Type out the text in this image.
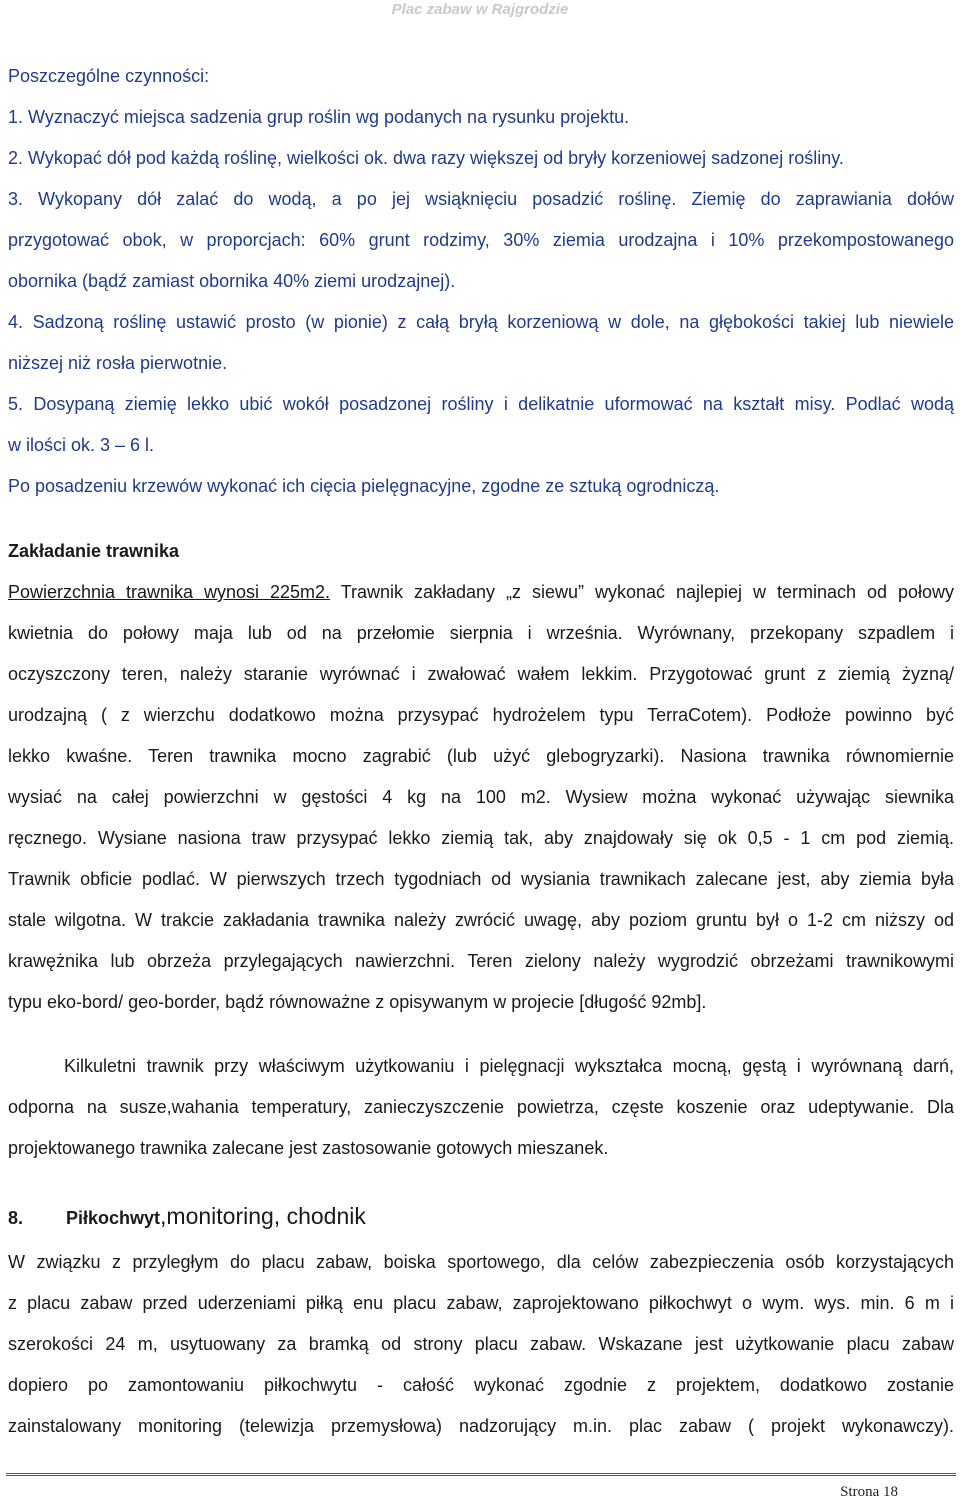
Plac zabaw w Rajgrodzie
Poszczególne czynności:
1. Wyznaczyć miejsca sadzenia grup roślin wg podanych na rysunku projektu.
2. Wykopać dół pod każdą roślinę, wielkości ok. dwa razy większej od bryły korzeniowej sadzonej rośliny.
3. Wykopany dół zalać do wodą, a po jej wsiąknięciu posadzić roślinę. Ziemię do zaprawiania dołów
przygotować obok, w proporcjach: 60% grunt rodzimy, 30% ziemia urodzajna i 10% przekompostowanego
obornika (bądź zamiast obornika 40% ziemi urodzajnej).
4. Sadzoną roślinę ustawić prosto (w pionie) z całą bryłą korzeniową w dole, na głębokości takiej lub niewiele
niższej niż rosła pierwotnie.
5. Dosypaną ziemię lekko ubić wokół posadzonej rośliny i delikatnie uformować na kształt misy. Podlać wodą
w ilości ok. 3 – 6 l.
Po posadzeniu krzewów wykonać ich cięcia pielęgnacyjne, zgodne ze sztuką ogrodniczą.
Zakładanie trawnika
Powierzchnia trawnika wynosi 225m2. Trawnik zakładany „z siewu” wykonać najlepiej w terminach od połowy
kwietnia do połowy maja lub od na przełomie sierpnia i września. Wyrównany, przekopany szpadlem i
oczyszczony teren, należy staranie wyrównać i zwałować wałem lekkim. Przygotować grunt z ziemią żyzną/
urodzajną ( z wierzchu dodatkowo można przysypać hydrożelem typu TerraCotem). Podłoże powinno być
lekko kwaśne. Teren trawnika mocno zagrabić (lub użyć glebogryzarki). Nasiona trawnika równomiernie
wysiać na całej powierzchni w gęstości 4 kg na 100 m2. Wysiew można wykonać używając siewnika
ręcznego. Wysiane nasiona traw przysypać lekko ziemią tak, aby znajdowały się ok 0,5 - 1 cm pod ziemią.
Trawnik obficie podlać. W pierwszych trzech tygodniach od wysiania trawnikach zalecane jest, aby ziemia była
stale wilgotna. W trakcie zakładania trawnika należy zwrócić uwagę, aby poziom gruntu był o 1-2 cm niższy od
krawężnika lub obrzeża przylegających nawierzchni. Teren zielony należy wygrodzić obrzeżami trawnikowymi
typu eko-bord/ geo-border, bądź równoważne z opisywanym w projecie [długość 92mb].
Kilkuletni trawnik przy właściwym użytkowaniu i pielęgnacji wykształca mocną, gęstą i wyrównaną darń,
odporna na susze,wahania temperatury, zanieczyszczenie powietrza, częste koszenie oraz udeptywanie. Dla
projektowanego trawnika zalecane jest zastosowanie gotowych mieszanek.
8. Piłkochwyt,monitoring, chodnik
W związku z przyległym do placu zabaw, boiska sportowego, dla celów zabezpieczenia osób korzystających
z placu zabaw przed uderzeniami piłką enu placu zabaw, zaprojektowano piłkochwyt o wym. wys. min. 6 m i
szerokości 24 m, usytuowany za bramką od strony placu zabaw. Wskazane jest użytkowanie placu zabaw
dopiero po zamontowaniu piłkochwytu - całość wykonać zgodnie z projektem, dodatkowo zostanie
zainstalowany monitoring (telewizja przemysłowa) nadzorujący m.in. plac zabaw ( projekt wykonawczy).
Strona 18
